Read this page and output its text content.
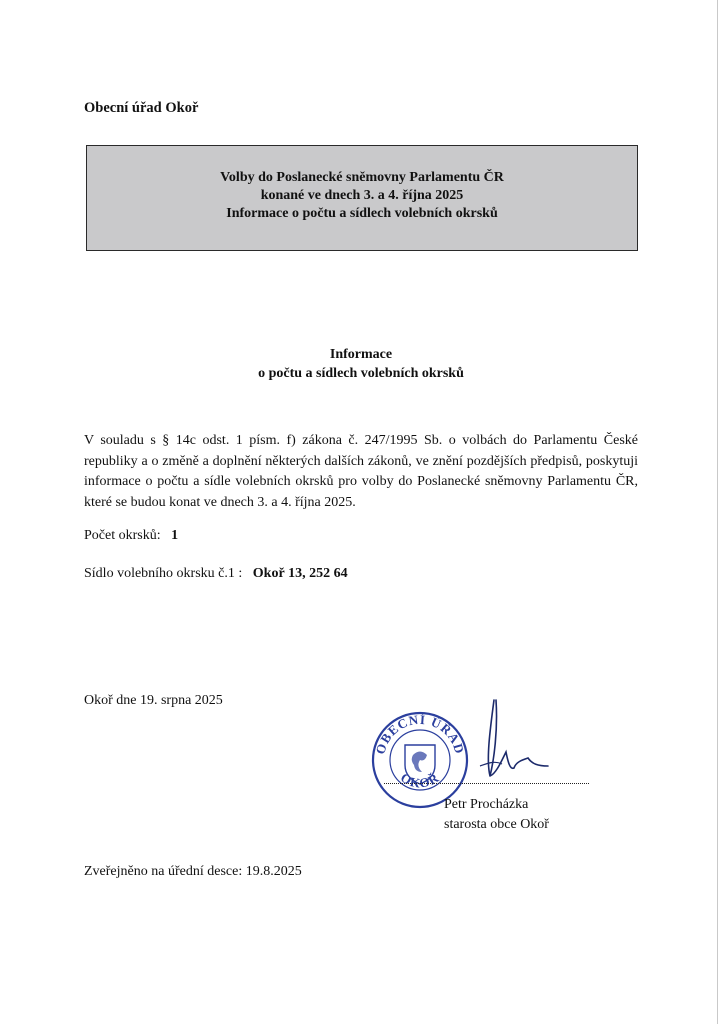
Obecní úřad Okoř
Volby do Poslanecké sněmovny Parlamentu ČR
konané ve dnech 3. a 4. října 2025
Informace o počtu a sídlech volebních okrsků
Informace
o počtu a sídlech volebních okrsků
V souladu s § 14c odst. 1 písm. f) zákona č. 247/1995 Sb. o volbách do Parlamentu České republiky a o změně a doplnění některých dalších zákonů, ve znění pozdějších předpisů, poskytuji informace o počtu a sídle volebních okrsků pro volby do Poslanecké sněmovny Parlamentu ČR, které se budou konat ve dnech 3. a 4. října 2025.
Počet okrsků: 1
Sídlo volebního okrsku č.1 : Okoř 13, 252 64
Okoř dne 19. srpna 2025
OBECNÍ ÚŘAD
OKOŘ
Petr Procházka
starosta obce Okoř
Zveřejněno na úřední desce: 19.8.2025
